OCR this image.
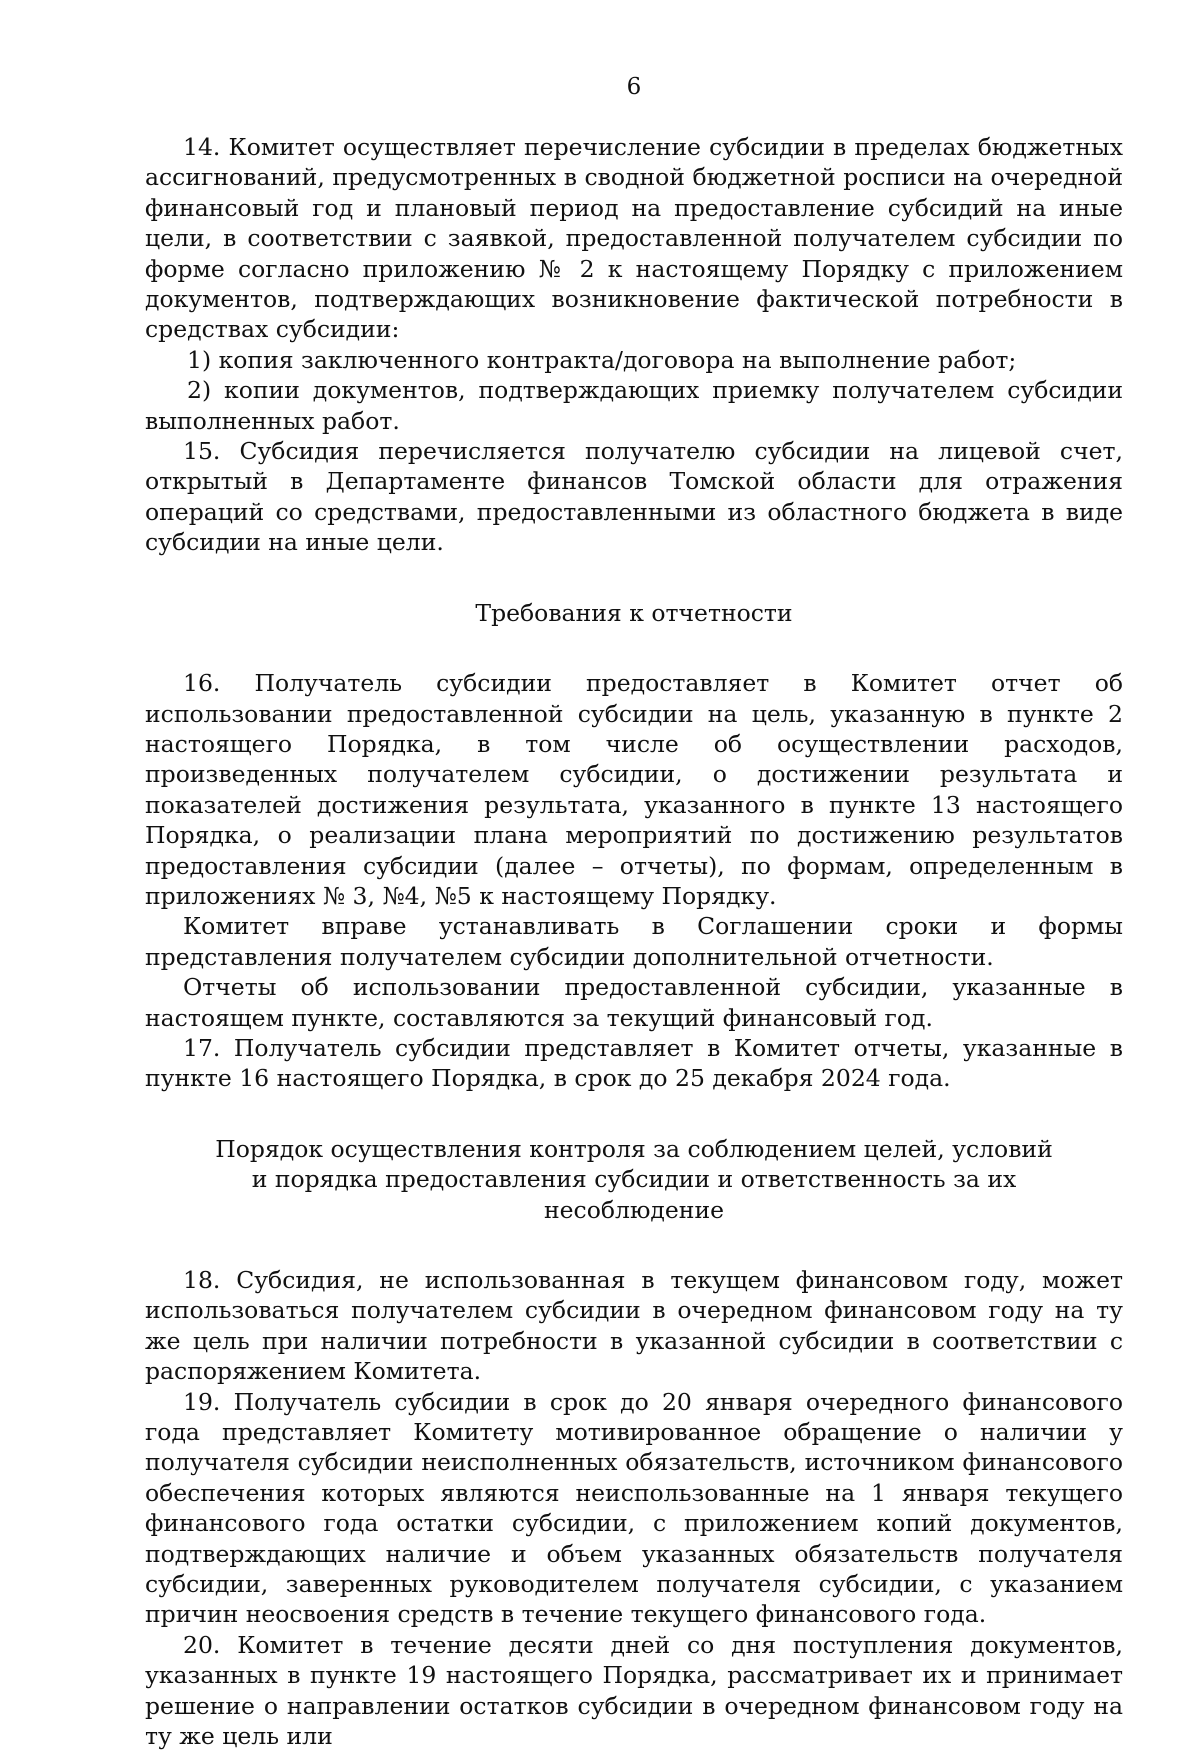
6

14. Комитет осуществляет перечисление субсидии в пределах бюджетных ассигнований, предусмотренных в сводной бюджетной росписи на очередной финансовый год и плановый период на предоставление субсидий на иные цели, в соответствии с заявкой, предоставленной получателем субсидии по форме согласно приложению № 2 к настоящему Порядку с приложением документов, подтверждающих возникновение фактической потребности в средствах субсидии:

1) копия заключенного контракта/договора на выполнение работ;

2) копии документов, подтверждающих приемку получателем субсидии выполненных работ.

15. Субсидия перечисляется получателю субсидии на лицевой счет, открытый в Департаменте финансов Томской области для отражения операций со средствами, предоставленными из областного бюджета в виде субсидии на иные цели.

Требования к отчетности

16. Получатель субсидии предоставляет в Комитет отчет об использовании предоставленной субсидии на цель, указанную в пункте 2 настоящего Порядка, в том числе об осуществлении расходов, произведенных получателем субсидии, о достижении результата и показателей достижения результата, указанного в пункте 13 настоящего Порядка, о реализации плана мероприятий по достижению результатов предоставления субсидии (далее – отчеты), по формам, определенным в приложениях № 3, №4, №5 к настоящему Порядку.

Комитет вправе устанавливать в Соглашении сроки и формы представления получателем субсидии дополнительной отчетности.

Отчеты об использовании предоставленной субсидии, указанные в настоящем пункте, составляются за текущий финансовый год.

17. Получатель субсидии представляет в Комитет отчеты, указанные в пункте 16 настоящего Порядка, в срок до 25 декабря 2024 года.

Порядок осуществления контроля за соблюдением целей, условий и порядка предоставления субсидии и ответственность за их несоблюдение

18. Субсидия, не использованная в текущем финансовом году, может использоваться получателем субсидии в очередном финансовом году на ту же цель при наличии потребности в указанной субсидии в соответствии с распоряжением Комитета.

19. Получатель субсидии в срок до 20 января очередного финансового года представляет Комитету мотивированное обращение о наличии у получателя субсидии неисполненных обязательств, источником финансового обеспечения которых являются неиспользованные на 1 января текущего финансового года остатки субсидии, с приложением копий документов, подтверждающих наличие и объем указанных обязательств получателя субсидии, заверенных руководителем получателя субсидии, с указанием причин неосвоения средств в течение текущего финансового года.

20. Комитет в течение десяти дней со дня поступления документов, указанных в пункте 19 настоящего Порядка, рассматривает их и принимает решение о направлении остатков субсидии в очередном финансовом году на ту же цель или
